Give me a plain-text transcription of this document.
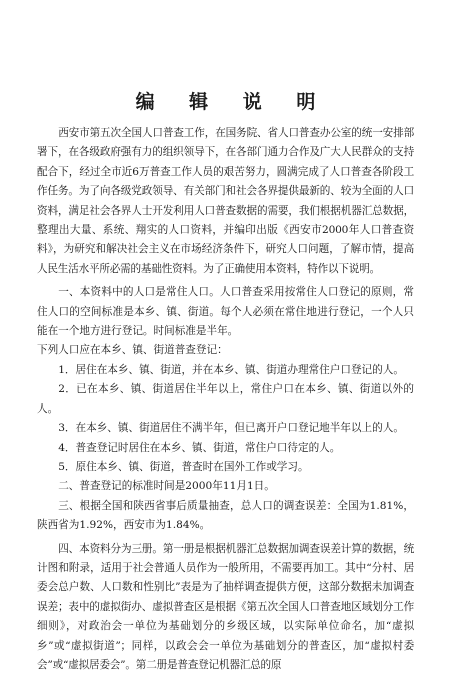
编 辑 说 明

西安市第五次全国人口普查工作，在国务院、省人口普查办公室的统一安排部署下，在各级政府强有力的组织领导下，在各部门通力合作及广大人民群众的支持配合下，经过全市近6万普查工作人员的艰苦努力，圆满完成了人口普查各阶段工作任务。为了向各级党政领导、有关部门和社会各界提供最新的、较为全面的人口资料，满足社会各界人士开发利用人口普查数据的需要，我们根据机器汇总数据，整理出大量、系统、翔实的人口资料，并编印出版《西安市2000年人口普查资料》，为研究和解决社会主义在市场经济条件下，研究人口问题，了解市情，提高人民生活水平所必需的基础性资料。为了正确使用本资料，特作以下说明。

一、本资料中的人口是常住人口。人口普查采用按常住人口登记的原则，常住人口的空间标准是本乡、镇、街道。每个人必须在常住地进行登记，一个人只能在一个地方进行登记。时间标准是半年。

下列人口应在本乡、镇、街道普查登记：

1．居住在本乡、镇、街道，并在本乡、镇、街道办理常住户口登记的人。

2．已在本乡、镇、街道居住半年以上，常住户口在本乡、镇、街道以外的人。

3．在本乡、镇、街道居住不满半年，但已离开户口登记地半年以上的人。

4．普查登记时居住在本乡、镇、街道，常住户口待定的人。

5．原住本乡、镇、街道，普查时在国外工作或学习。

二、普查登记的标准时间是2000年11月1日。

三、根据全国和陕西省事后质量抽查，总人口的调查误差：全国为1.81%，陕西省为1.92%，西安市为1.84%。

四、本资料分为三册。第一册是根据机器汇总数据加调查误差计算的数据，统计图和附录，适用于社会普通人员作为一般所用，不需要再加工。其中“分村、居委会总户数、人口数和性别比”表是为了抽样调查提供方便，这部分数据未加调查误差；表中的虚拟街办、虚拟普查区是根据《第五次全国人口普查地区域划分工作细则》，对政治会一单位为基础划分的乡级区域，以实际单位命名，加“虚拟乡”或“虚拟街道”；同样，以政会会一单位为基础划分的普查区，加“虚拟村委会”或“虚拟居委会”。第二册是普查登记机器汇总的原
